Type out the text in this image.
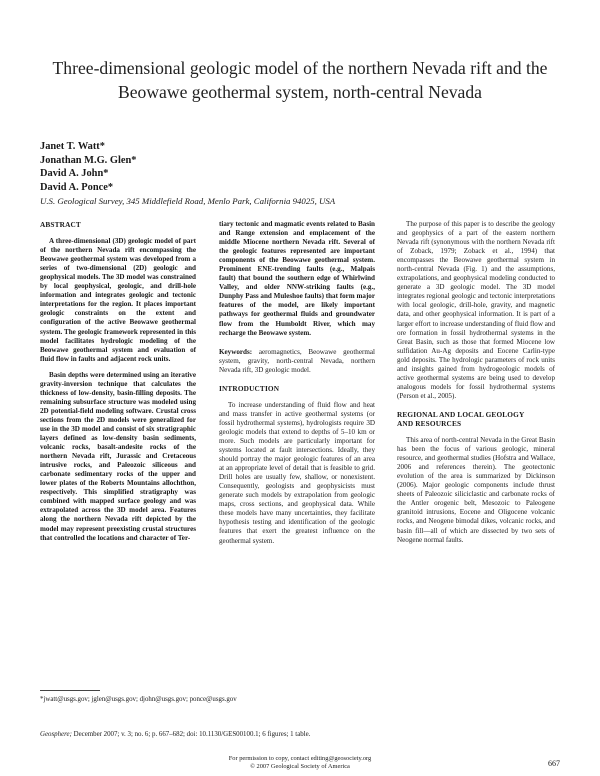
Three-dimensional geologic model of the northern Nevada rift and the
Beowawe geothermal system, north-central Nevada
Janet T. Watt*
Jonathan M.G. Glen*
David A. John*
David A. Ponce*
U.S. Geological Survey, 345 Middlefield Road, Menlo Park, California 94025, USA
ABSTRACT
A three-dimensional (3D) geologic model of part of the northern Nevada rift encompassing the Beowawe geothermal system was developed from a series of two-dimensional (2D) geologic and geophysical models. The 3D model was constrained by local geophysical, geologic, and drill-hole information and integrates geologic and tectonic interpretations for the region. It places important geologic constraints on the extent and configuration of the active Beowawe geothermal system. The geologic framework represented in this model facilitates hydrologic modeling of the Beowawe geothermal system and evaluation of fluid flow in faults and adjacent rock units.
Basin depths were determined using an iterative gravity-inversion technique that calculates the thickness of low-density, basin-filling deposits. The remaining subsurface structure was modeled using 2D potential-field modeling software. Crustal cross sections from the 2D models were generalized for use in the 3D model and consist of six stratigraphic layers defined as low-density basin sediments, volcanic rocks, basalt-andesite rocks of the northern Nevada rift, Jurassic and Cretaceous intrusive rocks, and Paleozoic siliceous and carbonate sedimentary rocks of the upper and lower plates of the Roberts Mountains allochthon, respectively. This simplified stratigraphy was combined with mapped surface geology and was extrapolated across the 3D model area. Features along the northern Nevada rift depicted by the model may represent preexisting crustal structures that controlled the locations and character of Ter-
tiary tectonic and magmatic events related to Basin and Range extension and emplacement of the middle Miocene northern Nevada rift. Several of the geologic features represented are important components of the Beowawe geothermal system. Prominent ENE-trending faults (e.g., Malpais fault) that bound the southern edge of Whirlwind Valley, and older NNW-striking faults (e.g., Dunphy Pass and Muleshoe faults) that form major features of the model, are likely important pathways for geothermal fluids and groundwater flow from the Humboldt River, which may recharge the Beowawe system.
Keywords: aeromagnetics, Beowawe geothermal system, gravity, north-central Nevada, northern Nevada rift, 3D geologic model.
INTRODUCTION
To increase understanding of fluid flow and heat and mass transfer in active geothermal systems (or fossil hydrothermal systems), hydrologists require 3D geologic models that extend to depths of 5–10 km or more. Such models are particularly important for systems located at fault intersections. Ideally, they should portray the major geologic features of an area at an appropriate level of detail that is feasible to grid. Drill holes are usually few, shallow, or nonexistent. Consequently, geologists and geophysicists must generate such models by extrapolation from geologic maps, cross sections, and geophysical data. While these models have many uncertainties, they facilitate hypothesis testing and identification of the geologic features that exert the greatest influence on the geothermal system.
The purpose of this paper is to describe the geology and geophysics of a part of the eastern northern Nevada rift (synonymous with the northern Nevada rift of Zoback, 1979; Zoback et al., 1994) that encompasses the Beowawe geothermal system in north-central Nevada (Fig. 1) and the assumptions, extrapolations, and geophysical modeling conducted to generate a 3D geologic model. The 3D model integrates regional geologic and tectonic interpretations with local geologic, drill-hole, gravity, and magnetic data, and other geophysical information. It is part of a larger effort to increase understanding of fluid flow and ore formation in fossil hydrothermal systems in the Great Basin, such as those that formed Miocene low sulfidation Au-Ag deposits and Eocene Carlin-type gold deposits. The hydrologic parameters of rock units and insights gained from hydrogeologic models of active geothermal systems are being used to develop analogous models for fossil hydrothermal systems (Person et al., 2005).
REGIONAL AND LOCAL GEOLOGY
AND RESOURCES
This area of north-central Nevada in the Great Basin has been the focus of various geologic, mineral resource, and geothermal studies (Hofstra and Wallace, 2006 and references therein). The geotectonic evolution of the area is summarized by Dickinson (2006). Major geologic components include thrust sheets of Paleozoic siliciclastic and carbonate rocks of the Antler orogenic belt, Mesozoic to Paleogene granitoid intrusions, Eocene and Oligocene volcanic rocks, and Neogene bimodal dikes, volcanic rocks, and basin fill—all of which are dissected by two sets of Neogene normal faults.
*jwatt@usgs.gov; jglen@usgs.gov; djohn@usgs.gov; ponce@usgs.gov
Geosphere; December 2007; v. 3; no. 6; p. 667–682; doi: 10.1130/GES00100.1; 6 figures; 1 table.
For permission to copy, contact editing@geosociety.org
© 2007 Geological Society of America	667
